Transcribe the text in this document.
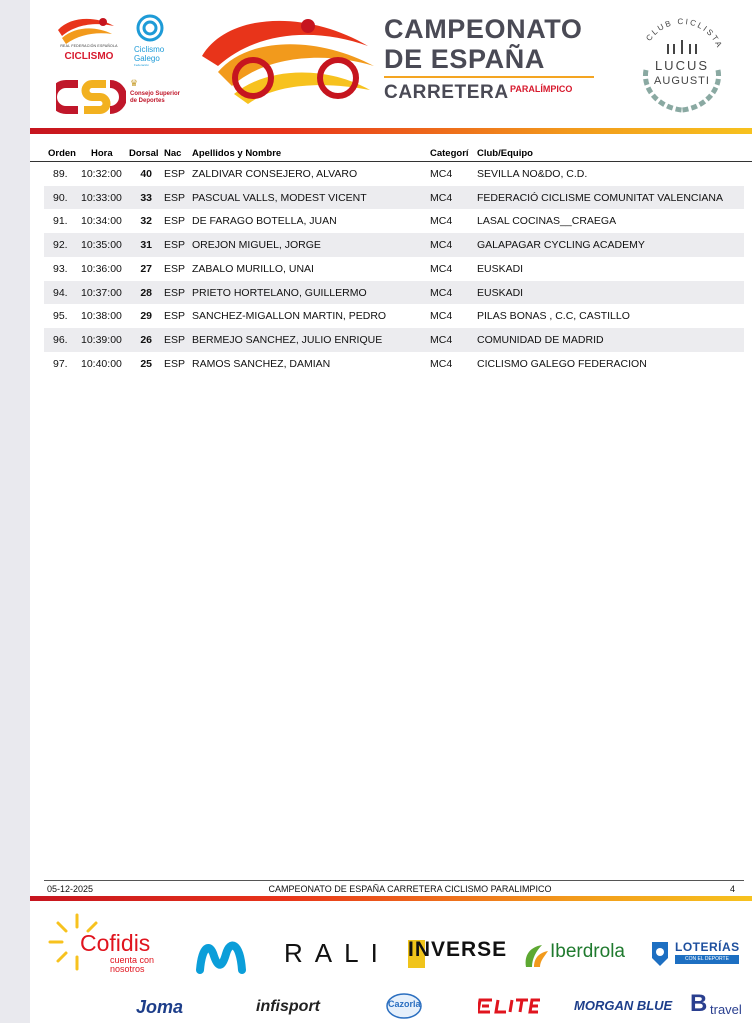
REAL FEDERACIÓN ESPAÑOLA
CICLISMO
Ciclismo Galego
Federación
♛
Consejo Superior de Deportes
CAMPEONATO
DE ESPAÑA
CARRETERA PARALÍMPICO
CLUB CICLISTA
LUCUS
AUGUSTI
Orden Hora Dorsal Nac Apellidos y Nombre	Categorí Club/Equipo
89. 10:32:00	40 ESP ZALDIVAR CONSEJERO, ALVARO	MC4 SEVILLA NO&DO, C.D.
90. 10:33:00	33 ESP PASCUAL VALLS, MODEST VICENT	MC4 FEDERACIÓ CICLISME COMUNITAT VALENCIANA
91. 10:34:00	32 ESP DE FARAGO BOTELLA, JUAN	MC4 LASAL COCINAS__CRAEGA
92. 10:35:00	31 ESP OREJON MIGUEL, JORGE	MC4 GALAPAGAR CYCLING ACADEMY
93. 10:36:00	27 ESP ZABALO MURILLO, UNAI	MC4 EUSKADI
94. 10:37:00	28 ESP PRIETO HORTELANO, GUILLERMO	MC4 EUSKADI
95. 10:38:00	29 ESP SANCHEZ-MIGALLON MARTIN, PEDRO	MC4 PILAS BONAS , C.C, CASTILLO
96. 10:39:00	26 ESP BERMEJO SANCHEZ, JULIO ENRIQUE	MC4 COMUNIDAD DE MADRID
97. 10:40:00	25 ESP RAMOS SANCHEZ, DAMIAN	MC4 CICLISMO GALEGO FEDERACION
05-12-2025	CAMPEONATO DE ESPAÑA CARRETERA CICLISMO PARALIMPICO	4
Cofidis
cuenta con nosotros
RALI INVERSE Iberdrola	LOTERÍAS
CON EL DEPORTE
Joma	infisport	Cazorla	MORGAN BLUE B travel
